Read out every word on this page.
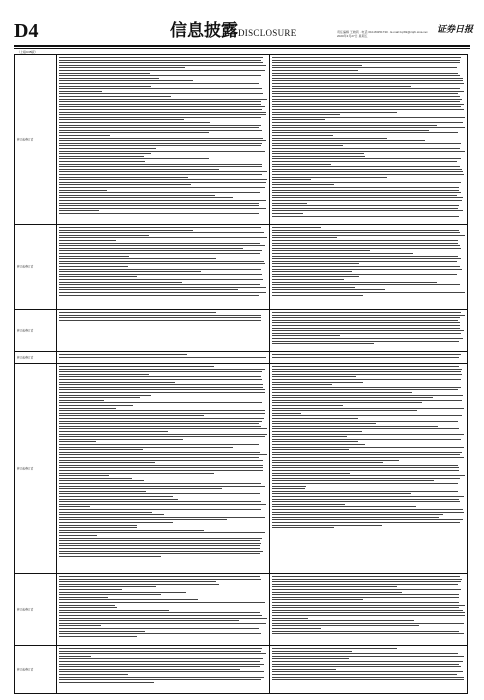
D4	信息披露DISCLOSURE	责任编辑 王晓莉 · 电话 010-83251730 · E-mail:zqrb9@zqrb.sina.net
2020年3月27日 星期五
证券日报
（上接C35版）
修订前/修订后
修订前/修订后
修订前/修订后
修订前/修订后
修订前/修订后
修订前/修订后
修订前/修订后
